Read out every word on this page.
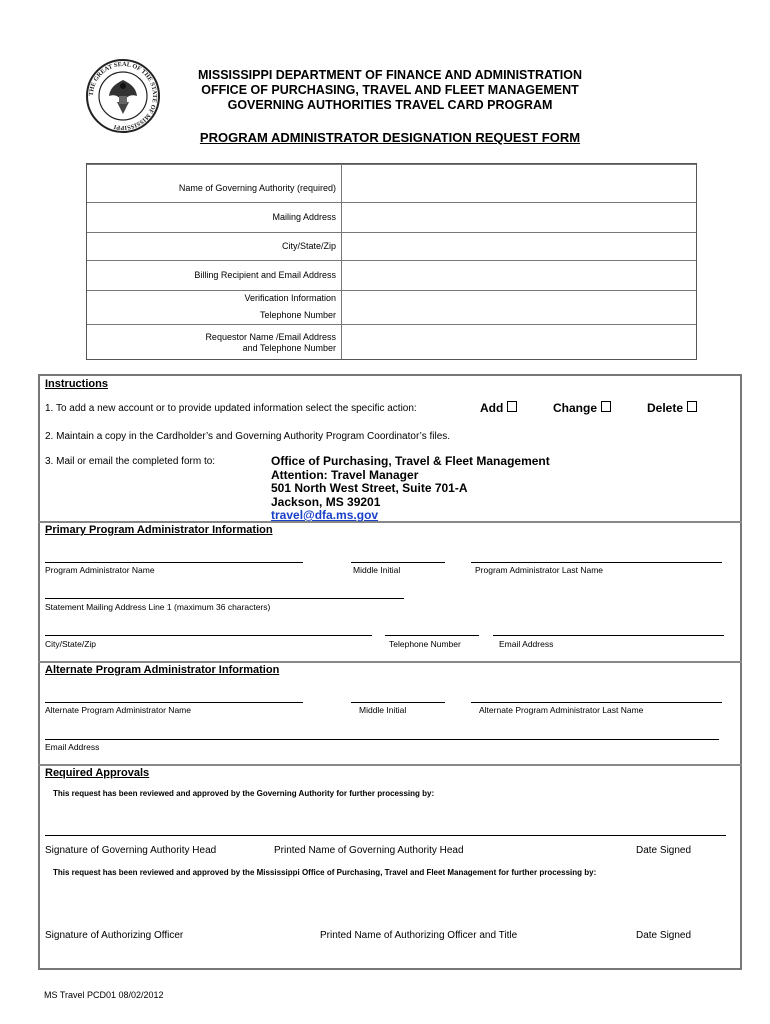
THE GREAT SEAL OF THE STATE OF MISSISSIPPI
MISSISSIPPI DEPARTMENT OF FINANCE AND ADMINISTRATION
OFFICE OF PURCHASING, TRAVEL AND FLEET MANAGEMENT
GOVERNING AUTHORITIES TRAVEL CARD PROGRAM
PROGRAM ADMINISTRATOR DESIGNATION REQUEST FORM
Name of Governing Authority (required)
Mailing Address
City/State/Zip
Billing Recipient and Email Address
Verification Information
Telephone Number
Requestor Name /Email Address
and Telephone Number
Instructions
1. To add a new account or to provide updated information select the specific action:	Add	Change	Delete
2. Maintain a copy in the Cardholder’s and Governing Authority Program Coordinator’s files.
3. Mail or email the completed form to:	Office of Purchasing, Travel & Fleet Management
Attention: Travel Manager
501 North West Street, Suite 701-A
Jackson, MS 39201
travel@dfa.ms.gov
Primary Program Administrator Information
Program Administrator Name	Middle Initial	Program Administrator Last Name
Statement Mailing Address Line 1 (maximum 36 characters)
City/State/Zip	Telephone Number	Email Address
Alternate Program Administrator Information
Alternate Program Administrator Name	Middle Initial	Alternate Program Administrator Last Name
Email Address
Required Approvals
This request has been reviewed and approved by the Governing Authority for further processing by:
Signature of Governing Authority Head	Printed Name of Governing Authority Head	Date Signed
This request has been reviewed and approved by the Mississippi Office of Purchasing, Travel and Fleet Management for further processing by:
Signature of Authorizing Officer	Printed Name of Authorizing Officer and Title	Date Signed
MS Travel PCD01 08/02/2012
